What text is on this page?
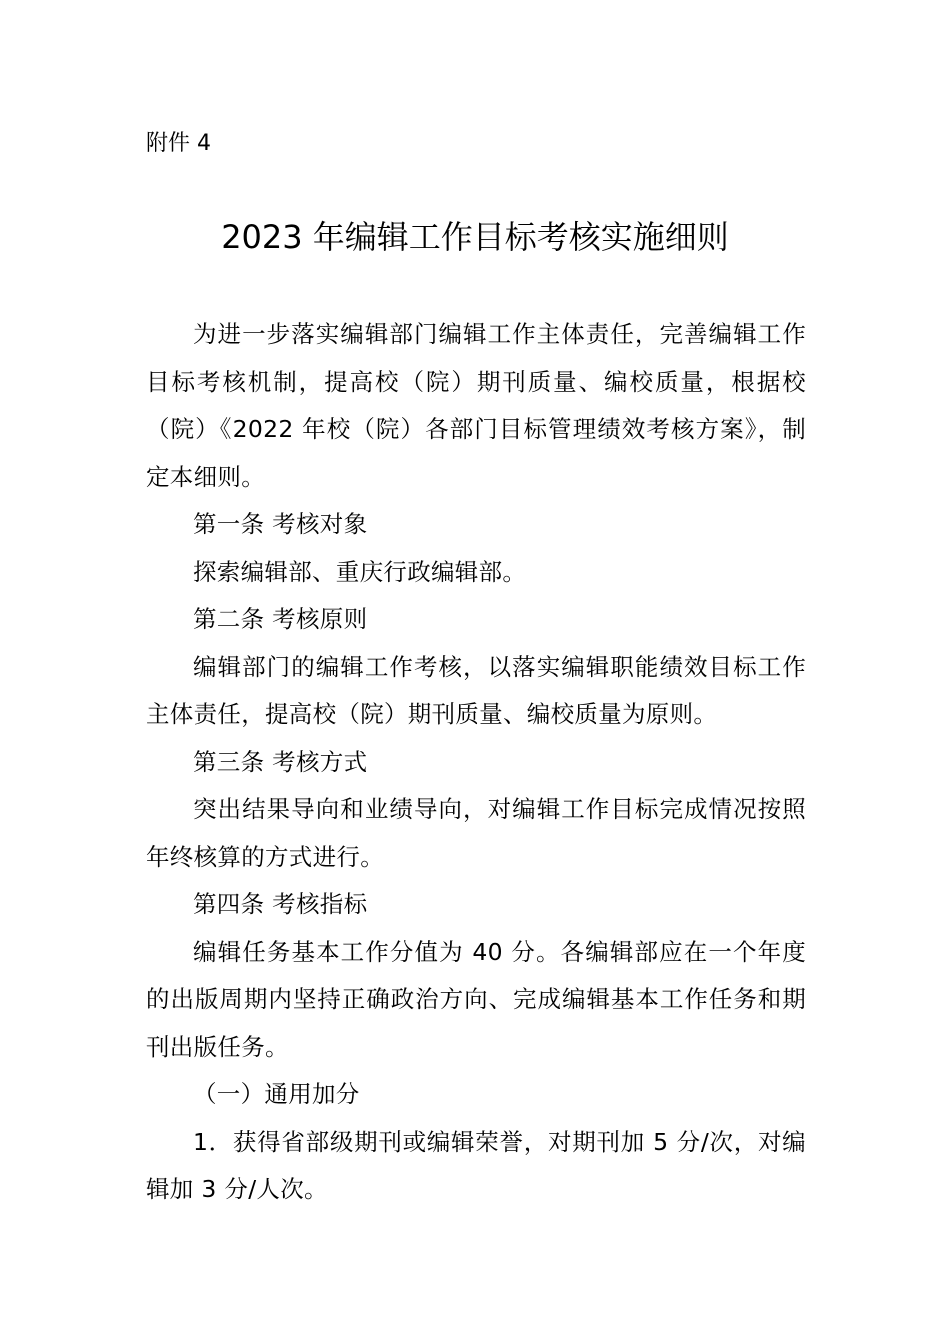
附件 4
2023 年编辑工作目标考核实施细则

为进一步落实编辑部门编辑工作主体责任，完善编辑工作目标考核机制，提高校（院）期刊质量、编校质量，根据校（院）《2022 年校（院）各部门目标管理绩效考核方案》，制定本细则。

第一条 考核对象

探索编辑部、重庆行政编辑部。

第二条 考核原则

编辑部门的编辑工作考核，以落实编辑职能绩效目标工作主体责任，提高校（院）期刊质量、编校质量为原则。

第三条 考核方式

突出结果导向和业绩导向，对编辑工作目标完成情况按照年终核算的方式进行。

第四条 考核指标

编辑任务基本工作分值为 40 分。各编辑部应在一个年度的出版周期内坚持正确政治方向、完成编辑基本工作任务和期刊出版任务。

（一）通用加分

1．获得省部级期刊或编辑荣誉，对期刊加 5 分/次，对编辑加 3 分/人次。
